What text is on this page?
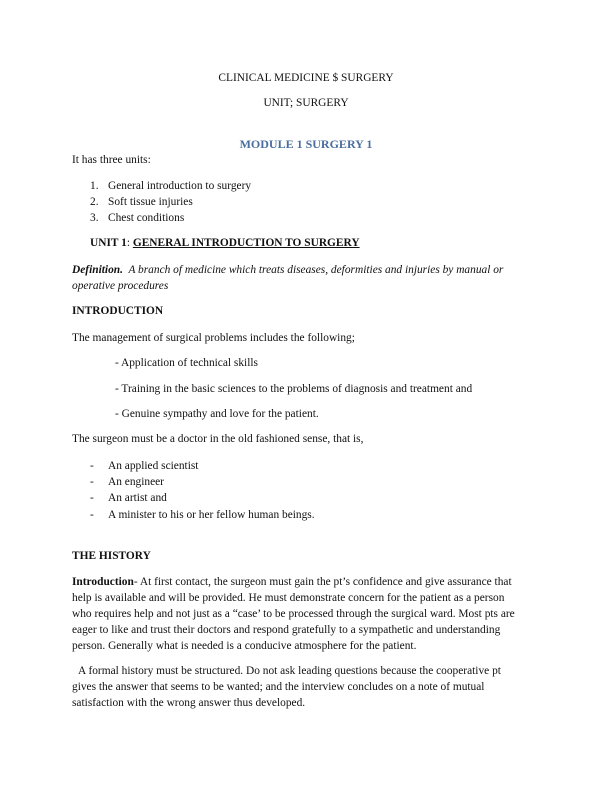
CLINICAL MEDICINE $ SURGERY
UNIT; SURGERY
MODULE 1 SURGERY 1
It has three units:
1. General introduction to surgery
2. Soft tissue injuries
3. Chest conditions
UNIT 1: GENERAL INTRODUCTION TO SURGERY
Definition. A branch of medicine which treats diseases, deformities and injuries by manual or
operative procedures
INTRODUCTION
The management of surgical problems includes the following;
- Application of technical skills
- Training in the basic sciences to the problems of diagnosis and treatment and
- Genuine sympathy and love for the patient.
The surgeon must be a doctor in the old fashioned sense, that is,
- An applied scientist
- An engineer
- An artist and
- A minister to his or her fellow human beings.
THE HISTORY
Introduction- At first contact, the surgeon must gain the pt’s confidence and give assurance that
help is available and will be provided. He must demonstrate concern for the patient as a person
who requires help and not just as a “case’ to be processed through the surgical ward. Most pts are
eager to like and trust their doctors and respond gratefully to a sympathetic and understanding
person. Generally what is needed is a conducive atmosphere for the patient.
A formal history must be structured. Do not ask leading questions because the cooperative pt
gives the answer that seems to be wanted; and the interview concludes on a note of mutual
satisfaction with the wrong answer thus developed.
